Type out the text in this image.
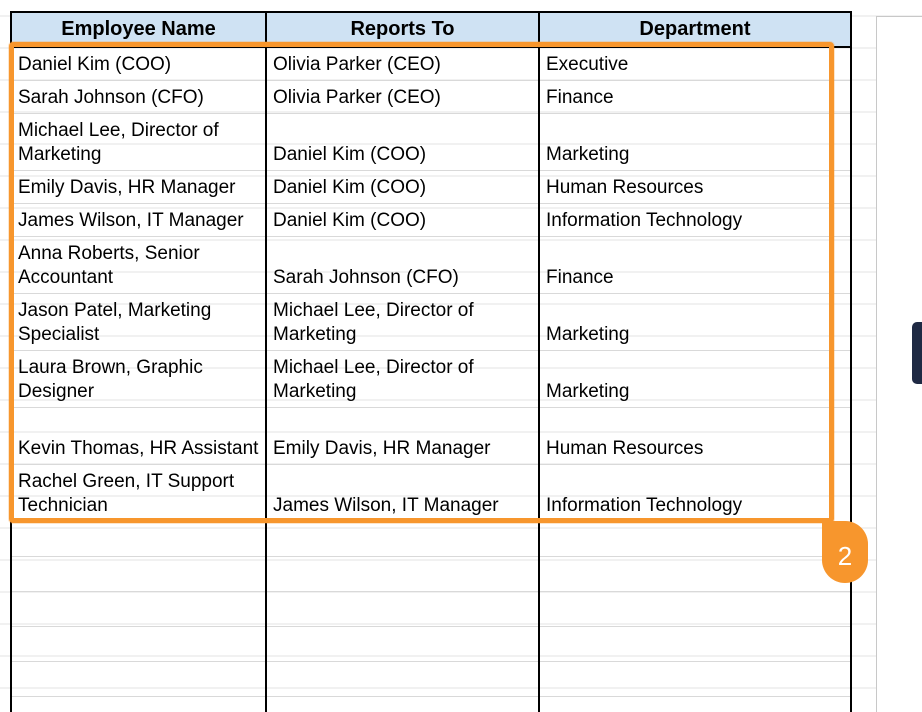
Employee Name	Reports To	Department
Daniel Kim (COO)	Olivia Parker (CEO)	Executive
Sarah Johnson (CFO)	Olivia Parker (CEO)	Finance
Michael Lee, Director of Marketing	Daniel Kim (COO)	Marketing
Emily Davis, HR Manager	Daniel Kim (COO)	Human Resources
James Wilson, IT Manager	Daniel Kim (COO)	Information Technology
Anna Roberts, Senior Accountant	Sarah Johnson (CFO)	Finance
Jason Patel, Marketing Specialist	Michael Lee, Director of Marketing	Marketing
Laura Brown, Graphic Designer	Michael Lee, Director of Marketing	Marketing
Kevin Thomas, HR Assistant	Emily Davis, HR Manager	Human Resources
Rachel Green, IT Support Technician	James Wilson, IT Manager	Information Technology

2
